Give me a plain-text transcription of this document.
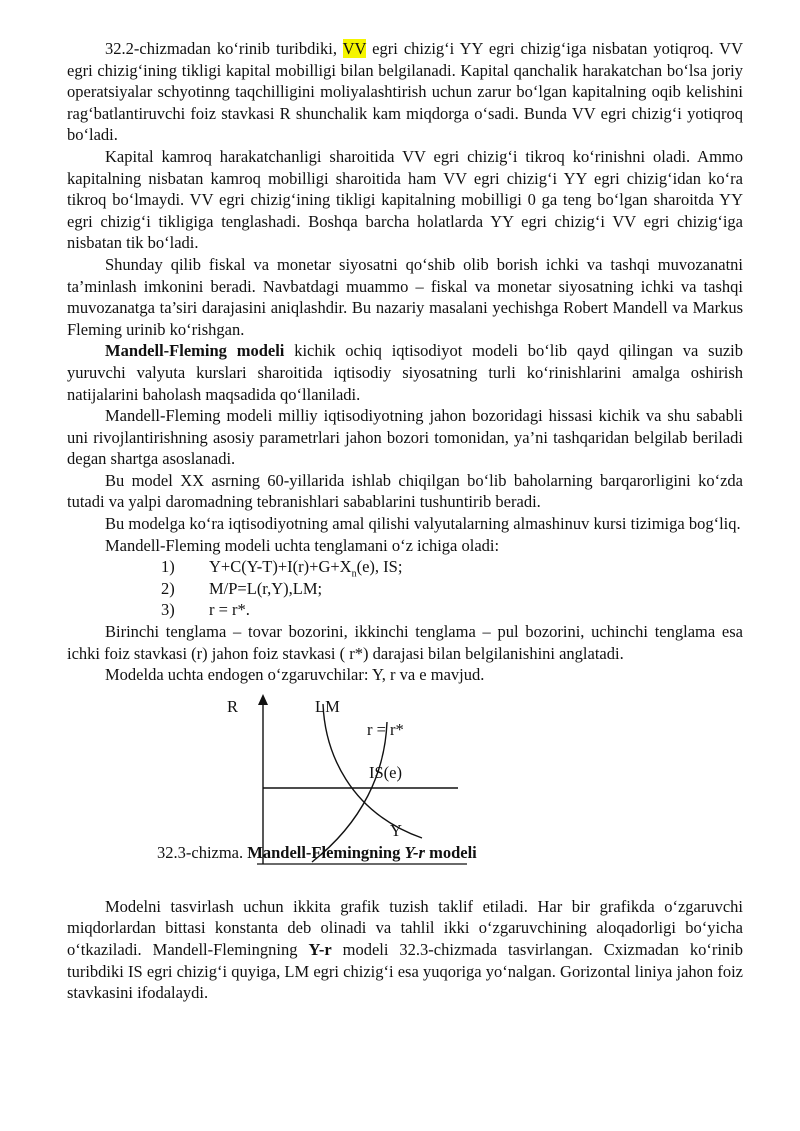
32.2-chizmadan ko‘rinib turibdiki, VV egri chizig‘i YY egri chizig‘iga nisbatan yotiqroq. VV egri chizig‘ining tikligi kapital mobilligi bilan belgilanadi. Kapital qanchalik harakatchan bo‘lsa joriy operatsiyalar schyotinng taqchilligini moliyalashtirish uchun zarur bo‘lgan kapitalning oqib kelishini rag‘batlantiruvchi foiz stavkasi R shunchalik kam miqdorga o‘sadi. Bunda VV egri chizig‘i yotiqroq bo‘ladi.

Kapital kamroq harakatchanligi sharoitida VV egri chizig‘i tikroq ko‘rinishni oladi. Ammo kapitalning nisbatan kamroq mobilligi sharoitida ham VV egri chizig‘i YY egri chizig‘idan ko‘ra tikroq bo‘lmaydi. VV egri chizig‘ining tikligi kapitalning mobilligi 0 ga teng bo‘lgan sharoitda YY egri chizig‘i tikligiga tenglashadi. Boshqa barcha holatlarda YY egri chizig‘i VV egri chizig‘iga nisbatan tik bo‘ladi.

Shunday qilib fiskal va monetar siyosatni qo‘shib olib borish ichki va tashqi muvozanatni ta’minlash imkonini beradi. Navbatdagi muammo – fiskal va monetar siyosatning ichki va tashqi muvozanatga ta’siri darajasini aniqlashdir. Bu nazariy masalani yechishga Robert Mandell va Markus Fleming urinib ko‘rishgan.

Mandell-Fleming modeli kichik ochiq iqtisodiyot modeli bo‘lib qayd qilingan va suzib yuruvchi valyuta kurslari sharoitida iqtisodiy siyosatning turli ko‘rinishlarini amalga oshirish natijalarini baholash maqsadida qo‘llaniladi.

Mandell-Fleming modeli milliy iqtisodiyotning jahon bozoridagi hissasi kichik va shu sababli uni rivojlantirishning asosiy parametrlari jahon bozori tomonidan, ya’ni tashqaridan belgilab beriladi degan shartga asoslanadi.

Bu model XX asrning 60-yillarida ishlab chiqilgan bo‘lib baholarning barqarorligini ko‘zda tutadi va yalpi daromadning tebranishlari sabablarini tushuntirib beradi.

Bu modelga ko‘ra iqtisodiyotning amal qilishi valyutalarning almashinuv kursi tizimiga bog‘liq.

Mandell-Fleming modeli uchta tenglamani o‘z ichiga oladi:

1)	$Y+C(Y-T)+I(r)+G+X_n(e)$, IS;
2)	M/P=L(r,Y),LM;
3)	r = r*.

Birinchi tenglama – tovar bozorini, ikkinchi tenglama – pul bozorini, uchinchi tenglama esa ichki foiz stavkasi (r) jahon foiz stavkasi ( r*) darajasi bilan belgilanishini anglatadi.

Modelda uchta endogen o‘zgaruvchilar: Y, r va e mavjud.

R	LM
r = r*
IS(e)
Y
32.3-chizma. Mandell-Flemingning Y-r modeli

Modelni tasvirlash uchun ikkita grafik tuzish taklif etiladi. Har bir grafikda o‘zgaruvchi miqdorlardan bittasi konstanta deb olinadi va tahlil ikki o‘zgaruvchining aloqadorligi bo‘yicha o‘tkaziladi. Mandell-Flemingning Y-r modeli 32.3-chizmada tasvirlangan. Cxizmadan ko‘rinib turibdiki IS egri chizig‘i quyiga, LM egri chizig‘i esa yuqoriga yo‘nalgan. Gorizontal liniya jahon foiz stavkasini ifodalaydi.
